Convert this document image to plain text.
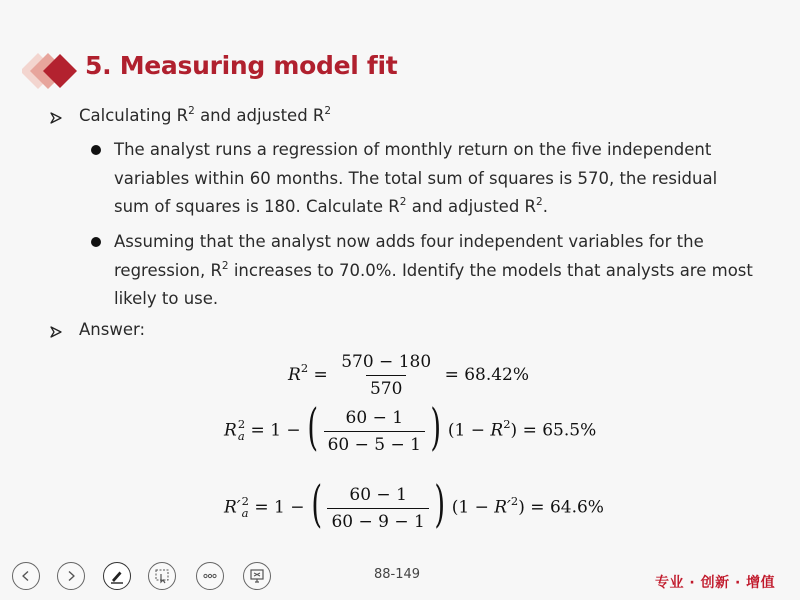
5. Measuring model fit
Calculating $R^2$ and adjusted $R^2$
The analyst runs a regression of monthly return on the five independent variables within 60 months. The total sum of squares is 570, the residual sum of squares is 180. Calculate $R^2$ and adjusted $R^2$.
Assuming that the analyst now adds four independent variables for the regression, $R^2$ increases to 70.0%. Identify the models that analysts are most likely to use.
Answer:
$R^2 = \frac{570 - 180}{570} = 68.42\%$
R 2
a = 1 − ( $\frac{60 - 1}{60 - 5 - 1}$ ) $(1 - R^2) = 65.5\%$
R′ 2
a = 1 − ( $\frac{60 - 1}{60 - 9 - 1}$ ) $(1 - R'^2) = 64.6\%$
88-149
专业 · 创新 · 增值
